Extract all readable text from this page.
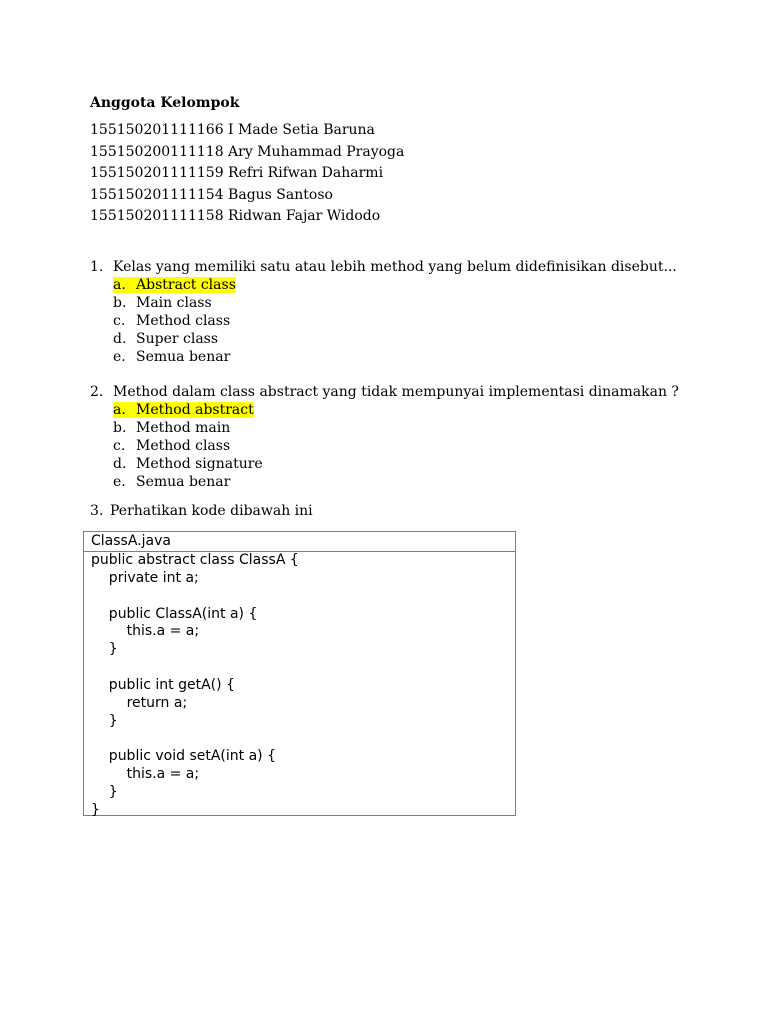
Anggota Kelompok
155150201111166 I Made Setia Baruna
155150200111118 Ary Muhammad Prayoga
155150201111159 Refri Rifwan Daharmi
155150201111154 Bagus Santoso
155150201111158 Ridwan Fajar Widodo
1. Kelas yang memiliki satu atau lebih method yang belum didefinisikan disebut...
a. Abstract class
b. Main class
c. Method class
d. Super class
e. Semua benar
2. Method dalam class abstract yang tidak mempunyai implementasi dinamakan ?
a. Method abstract
b. Method main
c. Method class
d. Method signature
e. Semua benar
3. Perhatikan kode dibawah ini
ClassA.java
public abstract class ClassA {
private int a;
public ClassA(int a) {
this.a = a;
}
public int getA() {
return a;
}
public void setA(int a) {
this.a = a;
}
}
